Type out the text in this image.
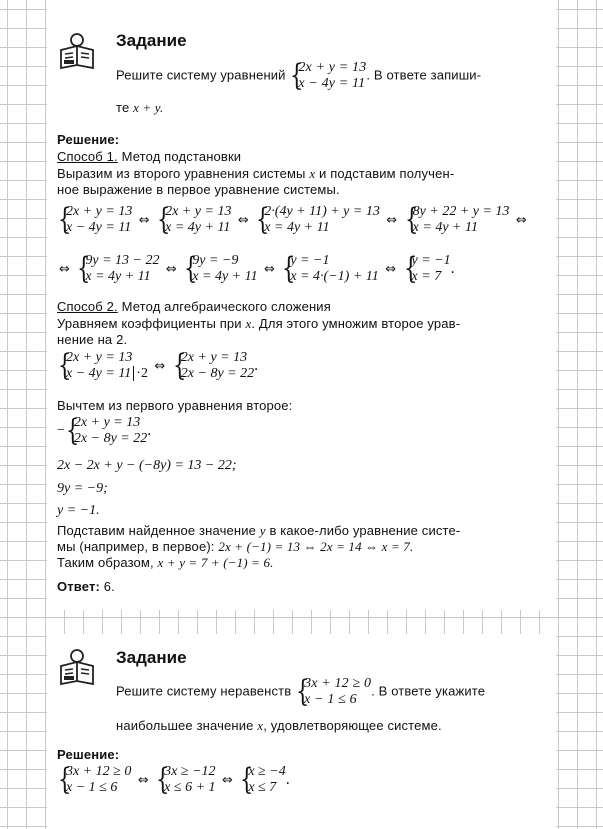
Задание
Решите систему уравнений {
2x + y = 13
x − 4y = 11
. В ответе запиши-
те x + y.
Решение:
Способ 1. Метод подстановки
Выразим из второго уравнения системы x и подставим получен-
ное выражение в первое уравнение системы.
{
2x + y = 13
x − 4y = 11 ⇔ {
2x + y = 13
x = 4y + 11 ⇔ {
2·(4y + 11) + y = 13
x = 4y + 11	⇔ {
8y + 22 + y = 13
x = 4y + 11	⇔
⇔ {
9y = 13 − 22
x = 4y + 11	⇔ {
9y = −9
x = 4y + 11 ⇔ {
y = −1
x = 4·(−1) + 11 ⇔ {
y = −1
x = 7 .
Способ 2. Метод алгебраического сложения
Уравняем коэффициенты при x. Для этого умножим второе урав-
нение на 2.
{
2x + y = 13
x − 4y = 11 ·2 ⇔ {
2x + y = 13
2x − 8y = 22 .
Вычтем из первого уравнения второе:
− {
2x + y = 13
2x − 8y = 22 .
2x − 2x + y − (−8y) = 13 − 22;
9y = −9;
y = −1.
Подставим найденное значение y в какое-либо уравнение систе-
мы (например, в первое): 2x + (−1) = 13 ⇔ 2x = 14 ⇔ x = 7.
Таким образом, x + y = 7 + (−1) = 6.
Ответ: 6.
Задание
Решите систему неравенств {
3x + 12 ≥ 0
x − 1 ≤ 6
. В ответе укажите
наибольшее значение x, удовлетворяющее системе.
Решение:
{
3x + 12 ≥ 0
x − 1 ≤ 6	⇔ {
3x ≥ −12
x ≤ 6 + 1 ⇔ {
x ≥ −4
x ≤ 7 .
